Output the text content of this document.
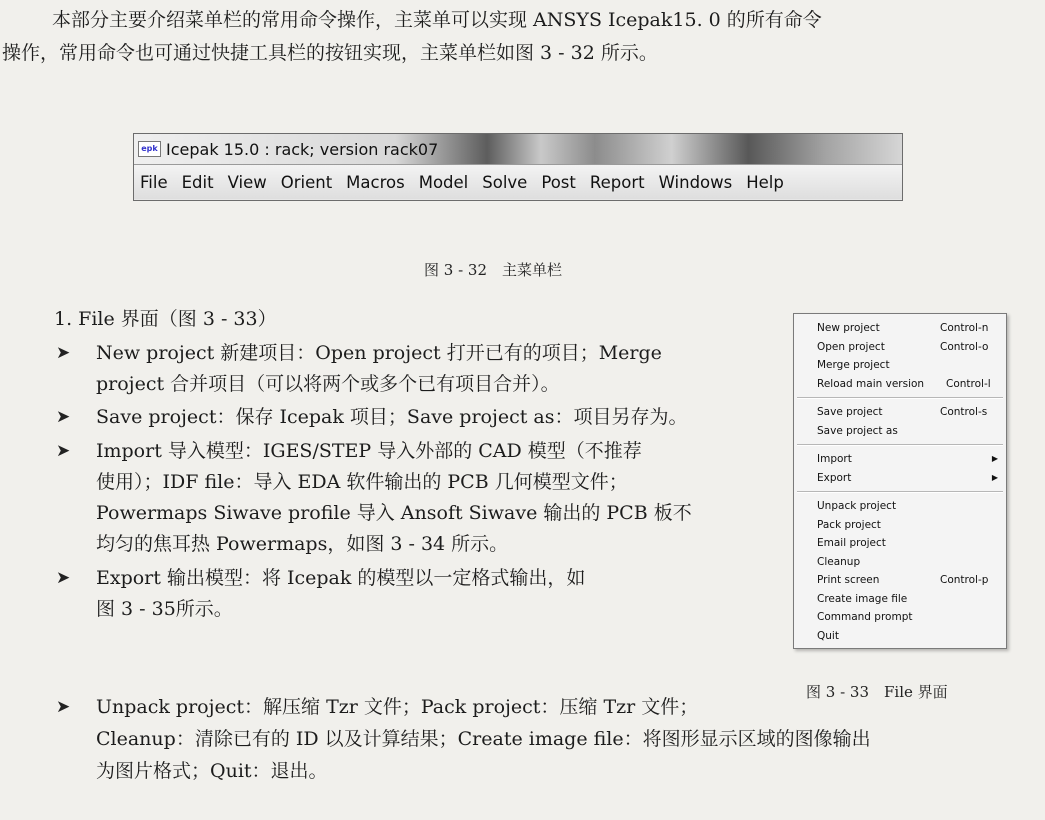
本部分主要介绍菜单栏的常用命令操作，主菜单可以实现 ANSYS Icepak15. 0 的所有命令

操作，常用命令也可通过快捷工具栏的按钮实现，主菜单栏如图 3 - 32 所示。

epk Icepak 15.0 : rack; version rack07
File Edit View Orient Macros Model Solve Post Report Windows Help
图 3 - 32　主菜单栏
1. File 界面（图 3 - 33）
➤ New project 新建项目：Open project 打开已有的项目；Merge
project 合并项目（可以将两个或多个已有项目合并）。
➤ Save project：保存 Icepak 项目；Save project as：项目另存为。
➤ Import 导入模型：IGES/STEP 导入外部的 CAD 模型（不推荐
使用）；IDF file：导入 EDA 软件输出的 PCB 几何模型文件；
Powermaps Siwave profile 导入 Ansoft Siwave 输出的 PCB 板不
均匀的焦耳热 Powermaps，如图 3 - 34 所示。
➤ Export 输出模型：将 Icepak 的模型以一定格式输出，如
图 3 - 35所示。
➤ Unpack project：解压缩 Tzr 文件；Pack project：压缩 Tzr 文件；
Cleanup：清除已有的 ID 以及计算结果；Create image file：将图形显示区域的图像输出
为图片格式；Quit：退出。
New project	Control-n
Open project	Control-o
Merge project
Reload main version Control-l
Save project	Control-s
Save project as
Import	▶
Export	▶
Unpack project
Pack project
Email project
Cleanup
Print screen	Control-p
Create image file
Command prompt
Quit
图 3 - 33　File 界面
